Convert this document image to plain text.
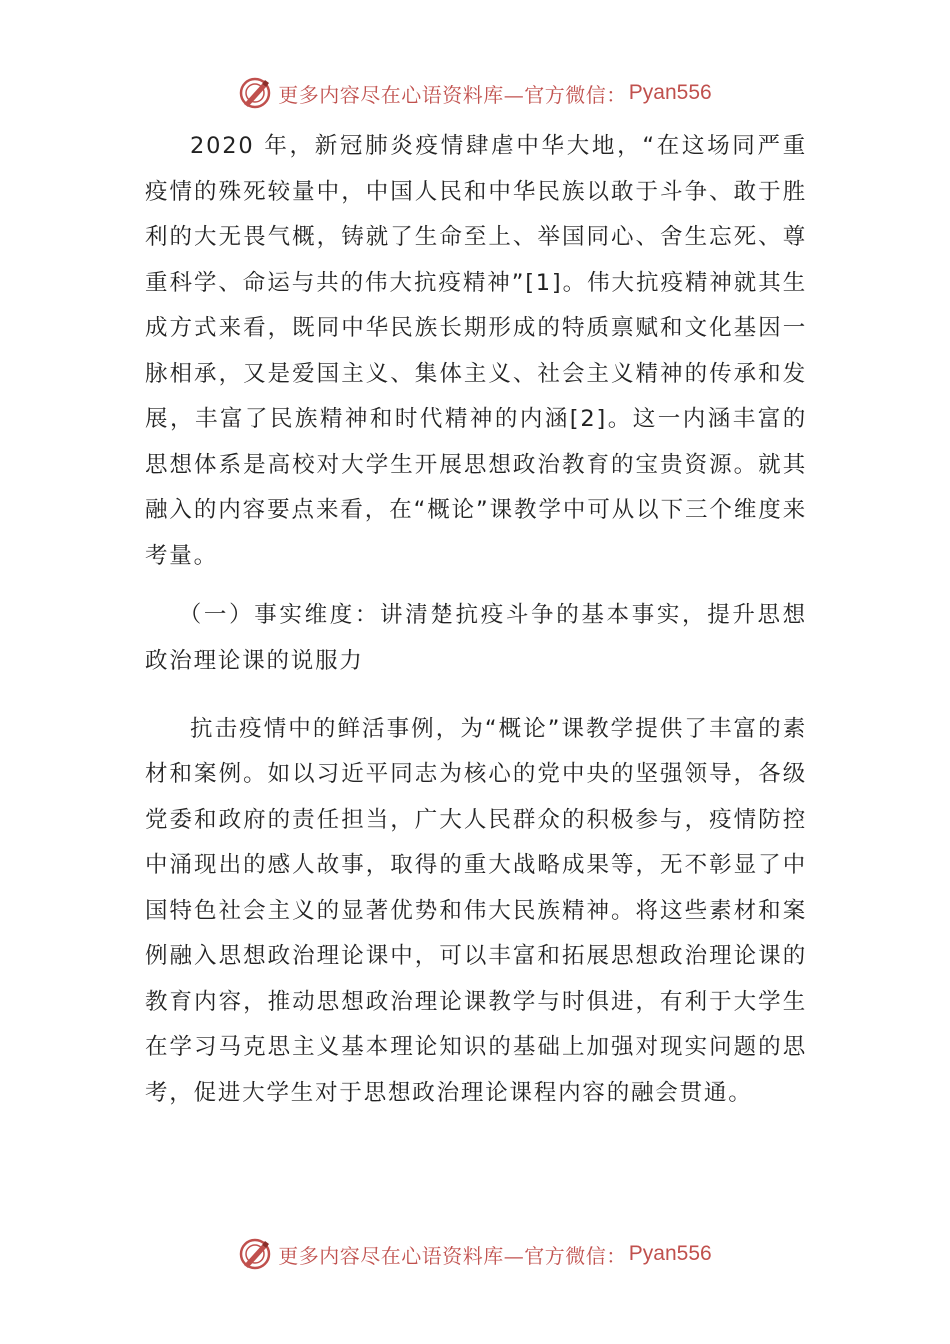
更多内容尽在心语资料库—官方微信： Pyan556

2020 年，新冠肺炎疫情肆虐中华大地，“在这场同严重疫情的殊死较量中，中国人民和中华民族以敢于斗争、敢于胜利的大无畏气概，铸就了生命至上、举国同心、舍生忘死、尊重科学、命运与共的伟大抗疫精神”[1]。伟大抗疫精神就其生成方式来看，既同中华民族长期形成的特质禀赋和文化基因一脉相承，又是爱国主义、集体主义、社会主义精神的传承和发展，丰富了民族精神和时代精神的内涵[2]。这一内涵丰富的思想体系是高校对大学生开展思想政治教育的宝贵资源。就其融入的内容要点来看，在“概论”课教学中可从以下三个维度来考量。

（一）事实维度：讲清楚抗疫斗争的基本事实，提升思想政治理论课的说服力

抗击疫情中的鲜活事例，为“概论”课教学提供了丰富的素材和案例。如以习近平同志为核心的党中央的坚强领导，各级党委和政府的责任担当，广大人民群众的积极参与，疫情防控中涌现出的感人故事，取得的重大战略成果等，无不彰显了中国特色社会主义的显著优势和伟大民族精神。将这些素材和案例融入思想政治理论课中，可以丰富和拓展思想政治理论课的教育内容，推动思想政治理论课教学与时俱进，有利于大学生在学习马克思主义基本理论知识的基础上加强对现实问题的思考，促进大学生对于思想政治理论课程内容的融会贯通。

更多内容尽在心语资料库—官方微信： Pyan556
